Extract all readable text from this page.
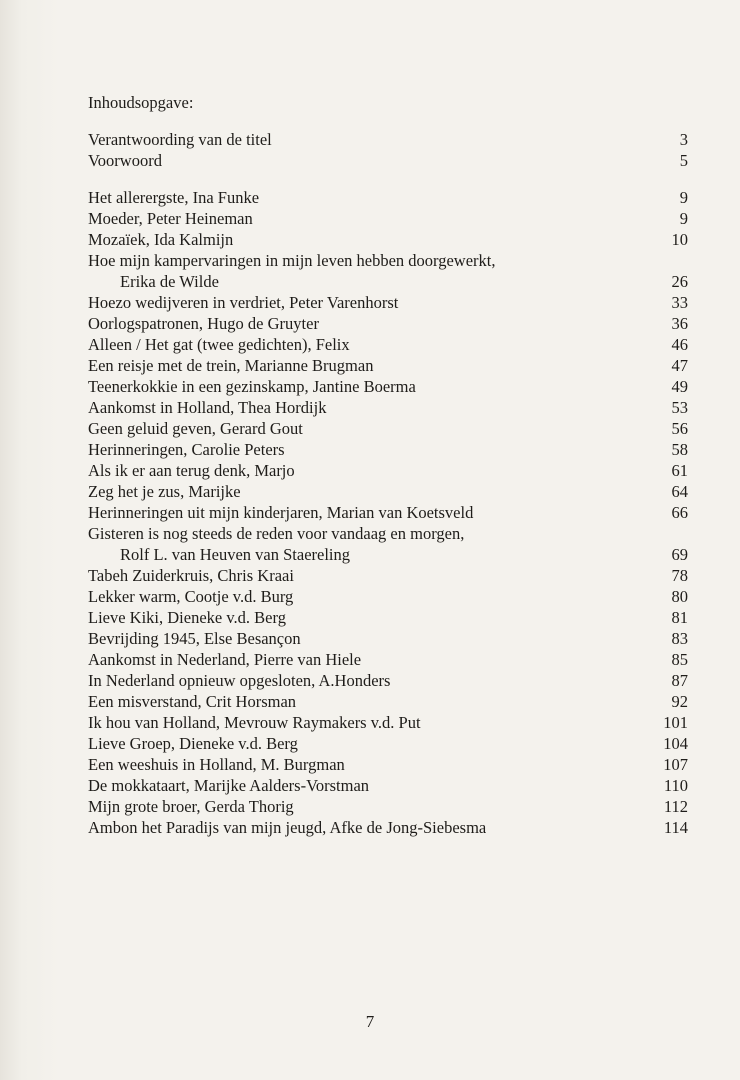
Inhoudsopgave:
Verantwoording van de titel	3
Voorwoord	5
Het allerergste, Ina Funke	9
Moeder, Peter Heineman	9
Mozaïek, Ida Kalmijn	10
Hoe mijn kampervaringen in mijn leven hebben doorgewerkt,
Erika de Wilde	26
Hoezo wedijveren in verdriet, Peter Varenhorst	33
Oorlogspatronen, Hugo de Gruyter	36
Alleen / Het gat (twee gedichten), Felix	46
Een reisje met de trein, Marianne Brugman	47
Teenerkokkie in een gezinskamp, Jantine Boerma	49
Aankomst in Holland, Thea Hordijk	53
Geen geluid geven, Gerard Gout	56
Herinneringen, Carolie Peters	58
Als ik er aan terug denk, Marjo	61
Zeg het je zus, Marijke	64
Herinneringen uit mijn kinderjaren, Marian van Koetsveld	66
Gisteren is nog steeds de reden voor vandaag en morgen,
Rolf L. van Heuven van Staereling	69
Tabeh Zuiderkruis, Chris Kraai	78
Lekker warm, Cootje v.d. Burg	80
Lieve Kiki, Dieneke v.d. Berg	81
Bevrijding 1945, Else Besançon	83
Aankomst in Nederland, Pierre van Hiele	85
In Nederland opnieuw opgesloten, A.Honders	87
Een misverstand, Crit Horsman	92
Ik hou van Holland, Mevrouw Raymakers v.d. Put	101
Lieve Groep, Dieneke v.d. Berg	104
Een weeshuis in Holland, M. Burgman	107
De mokkataart, Marijke Aalders-Vorstman	110
Mijn grote broer, Gerda Thorig	112
Ambon het Paradijs van mijn jeugd, Afke de Jong-Siebesma	114
7
